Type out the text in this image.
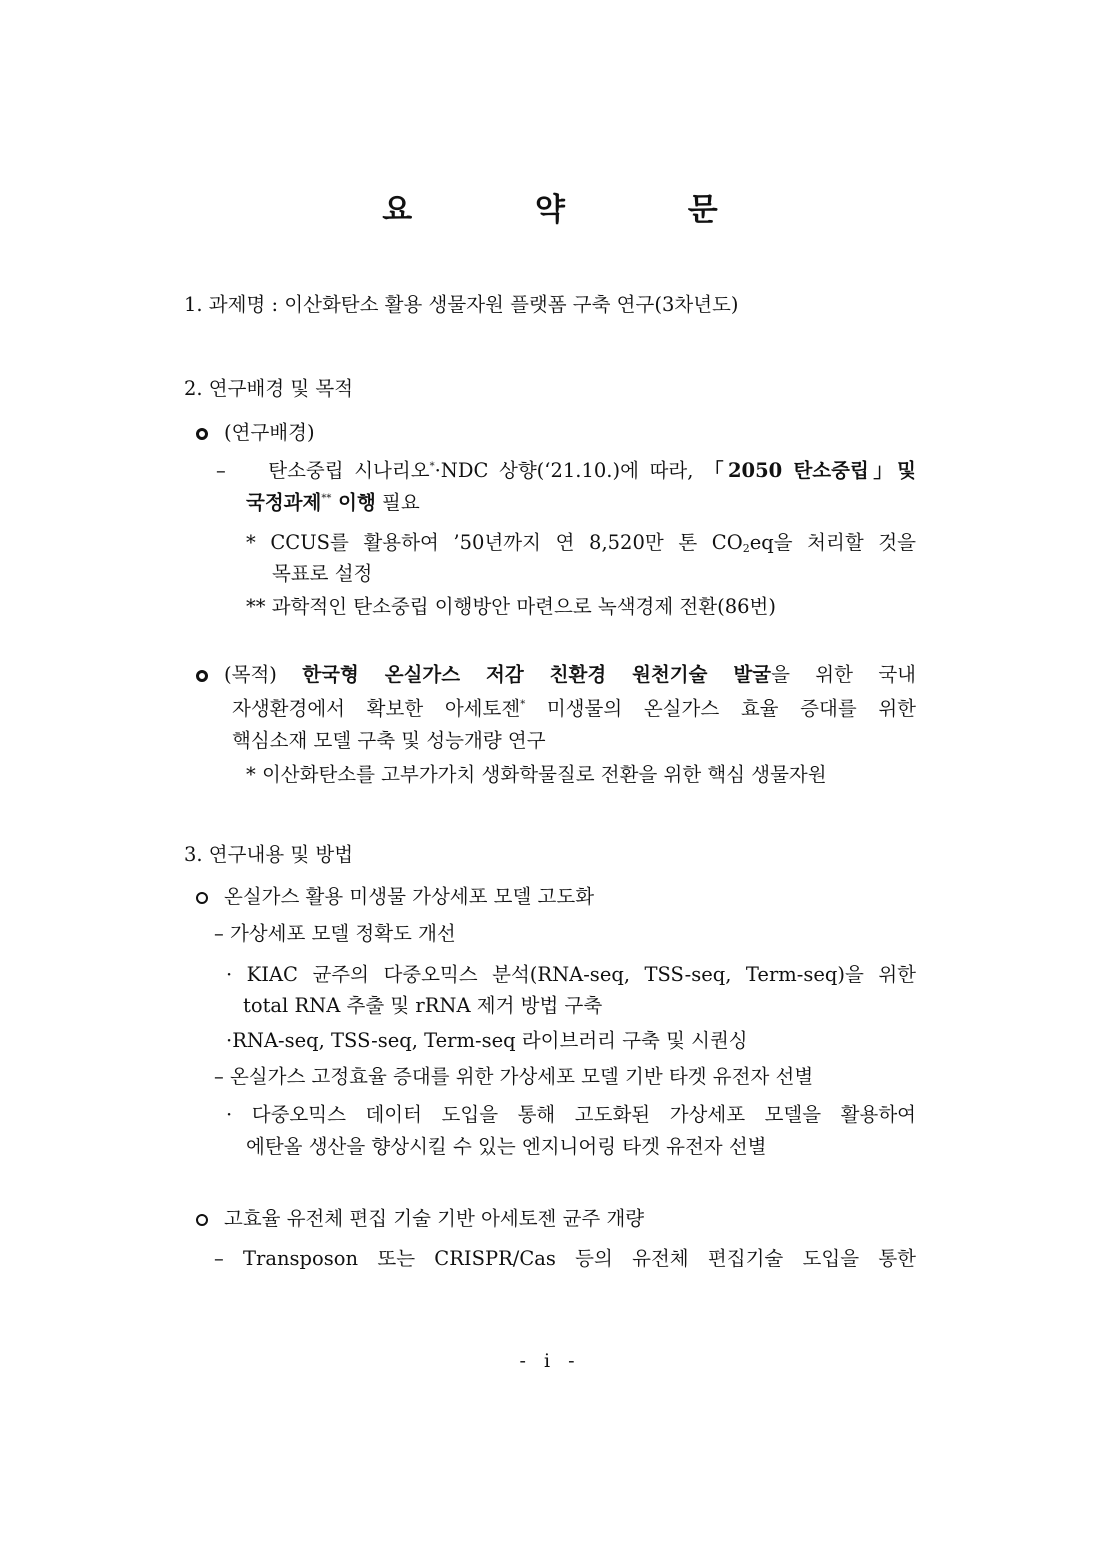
요 약 문
1. 과제명 : 이산화탄소 활용 생물자원 플랫폼 구축 연구(3차년도)
2. 연구배경 및 목적
(연구배경)
– 탄소중립 시나리오*·NDC 상향(‘21.10.)에 따라, 「2050 탄소중립」및
국정과제** 이행 필요
* CCUS를 활용하여 ’50년까지 연 8,520만 톤 $CO_2eq$을 처리할 것을
목표로 설정
** 과학적인 탄소중립 이행방안 마련으로 녹색경제 전환(86번)
(목적) 한국형 온실가스 저감 친환경 원천기술 발굴을 위한 국내
자생환경에서 확보한 아세토젠* 미생물의 온실가스 효율 증대를 위한
핵심소재 모델 구축 및 성능개량 연구
* 이산화탄소를 고부가가치 생화학물질로 전환을 위한 핵심 생물자원
3. 연구내용 및 방법
온실가스 활용 미생물 가상세포 모델 고도화
– 가상세포 모델 정확도 개선
· KIAC 균주의 다중오믹스 분석(RNA-seq, TSS-seq, Term-seq)을 위한
total RNA 추출 및 rRNA 제거 방법 구축
·RNA-seq, TSS-seq, Term-seq 라이브러리 구축 및 시퀀싱
– 온실가스 고정효율 증대를 위한 가상세포 모델 기반 타겟 유전자 선별
· 다중오믹스 데이터 도입을 통해 고도화된 가상세포 모델을 활용하여
에탄올 생산을 향상시킬 수 있는 엔지니어링 타겟 유전자 선별
고효율 유전체 편집 기술 기반 아세토젠 균주 개량
– Transposon 또는 CRISPR/Cas 등의 유전체 편집기술 도입을 통한
- i -
